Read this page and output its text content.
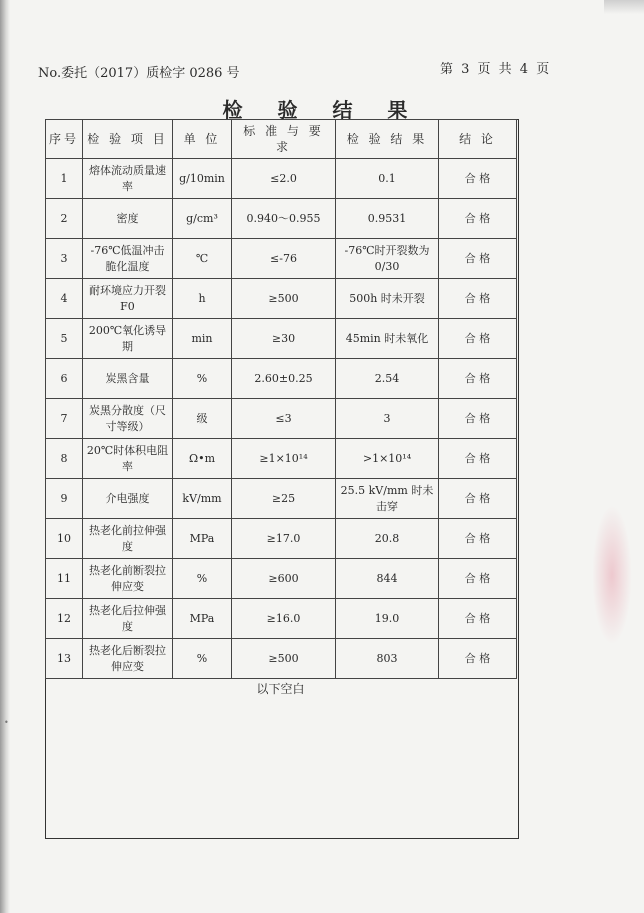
No.委托（2017）质检字 0286 号	第 3 页 共 4 页
检 验 结 果
序号	检 验 项 目	单 位	标 准 与 要 求	检 验 结 果	结 论
1	熔体流动质量速率	g/10min	≤2.0	0.1	合 格
2	密度	g/cm³	0.940～0.955	0.9531	合 格
3	-76℃低温冲击脆化温度	℃	≤-76	-76℃时开裂数为0/30	合 格
4	耐环境应力开裂 F0	h	≥500	500h 时未开裂	合 格
5	200℃氧化诱导期	min	≥30	45min 时未氧化	合 格
6	炭黑含量	%	2.60±0.25	2.54	合 格
7	炭黑分散度（尺寸等级）	级	≤3	3	合 格
8	20℃时体积电阻率	Ω•m	≥1×10¹⁴	>1×10¹⁴	合 格
9	介电强度	kV/mm	≥25	25.5 kV/mm 时未击穿	合 格
10	热老化前拉伸强度	MPa	≥17.0	20.8	合 格
11	热老化前断裂拉伸应变	%	≥600	844	合 格
12	热老化后拉伸强度	MPa	≥16.0	19.0	合 格
13	热老化后断裂拉伸应变	%	≥500	803	合 格
以下空白
•
